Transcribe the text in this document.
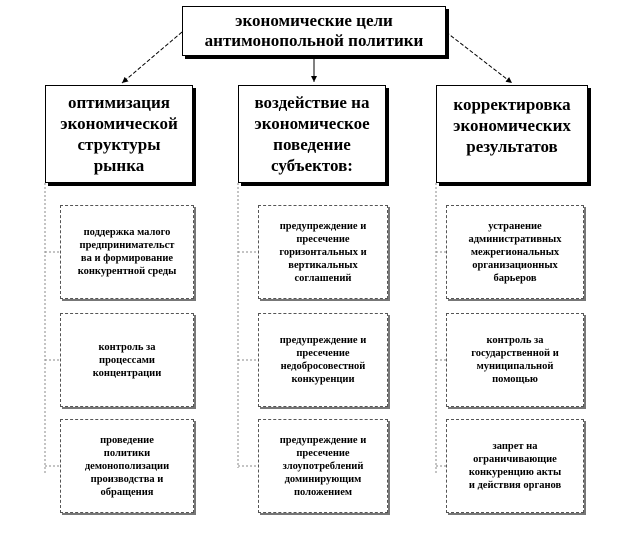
экономические цели
антимонопольной политики
оптимизация
экономической
структуры
рынка
воздействие на
экономическое
поведение
субъектов:
корректировка
экономических
результатов
поддержка малого
предпринимательст
ва и формирование
конкурентной среды
контроль за
процессами
концентрации
проведение
политики
демонополизации
производства и
обращения
предупреждение и
пресечение
горизонтальных и
вертикальных
соглашений
предупреждение и
пресечение
недобросовестной
конкуренции
предупреждение и
пресечение
злоупотреблений
доминирующим
положением
устранение
административных
межрегиональных
организационных
барьеров
контроль за
государственной и
муниципальной
помощью
запрет на
ограничивающие
конкуренцию акты
и действия органов
